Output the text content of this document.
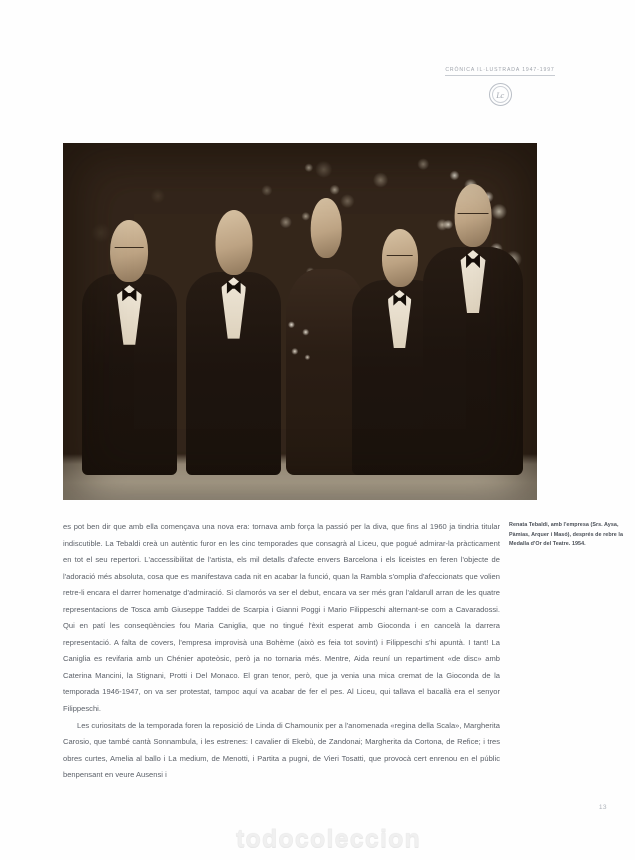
CRÒNICA IL·LUSTRADA 1947-1997
Lc
Renata Tebaldi, amb l'empresa (Srs. Aysa, Pàmias, Arquer i Masó), després de rebre la Medalla d'Or del Teatre. 1954.

es pot ben dir que amb ella començava una nova era: tornava amb força la passió per la diva, que fins al 1960 ja tindria titular indiscutible. La Tebaldi creà un autèntic furor en les cinc temporades que consagrà al Liceu, que pogué admirar-la pràcticament en tot el seu repertori. L'accessibilitat de l'artista, els mil detalls d'afecte envers Barcelona i els liceistes en feren l'objecte de l'adoració més absoluta, cosa que es manifestava cada nit en acabar la funció, quan la Rambla s'omplia d'afeccionats que volien retre-li encara el darrer homenatge d'admiració. Si clamorós va ser el debut, encara va ser més gran l'aldarull arran de les quatre representacions de Tosca amb Giuseppe Taddei de Scarpia i Gianni Poggi i Mario Filippeschi alternant-se com a Cavaradossi. Qui en patí les conseqüències fou Maria Caniglia, que no tingué l'èxit esperat amb Gioconda i en cancelà la darrera representació. A falta de covers, l'empresa improvisà una Bohème (això es feia tot sovint) i Filippeschi s'hi apuntà. I tant! La Caniglia es revifaria amb un Chénier apoteòsic, però ja no tornaria més. Mentre, Aida reuní un repartiment «de disc» amb Caterina Mancini, la Stignani, Protti i Del Monaco. El gran tenor, però, que ja venia una mica cremat de la Gioconda de la temporada 1946-1947, on va ser protestat, tampoc aquí va acabar de fer el pes. Al Liceu, qui tallava el bacallà era el senyor Filippeschi.

Les curiositats de la temporada foren la reposició de Linda di Chamounix per a l'anomenada «regina della Scala», Margherita Carosio, que també cantà Sonnambula, i les estrenes: I cavalier di Ekebù, de Zandonai; Margherita da Cortona, de Refice; i tres obres curtes, Amelia al ballo i La medium, de Menotti, i Partita a pugni, de Vieri Tosatti, que provocà cert enrenou en el públic benpensant en veure Ausensi i

13
todocoleccion
